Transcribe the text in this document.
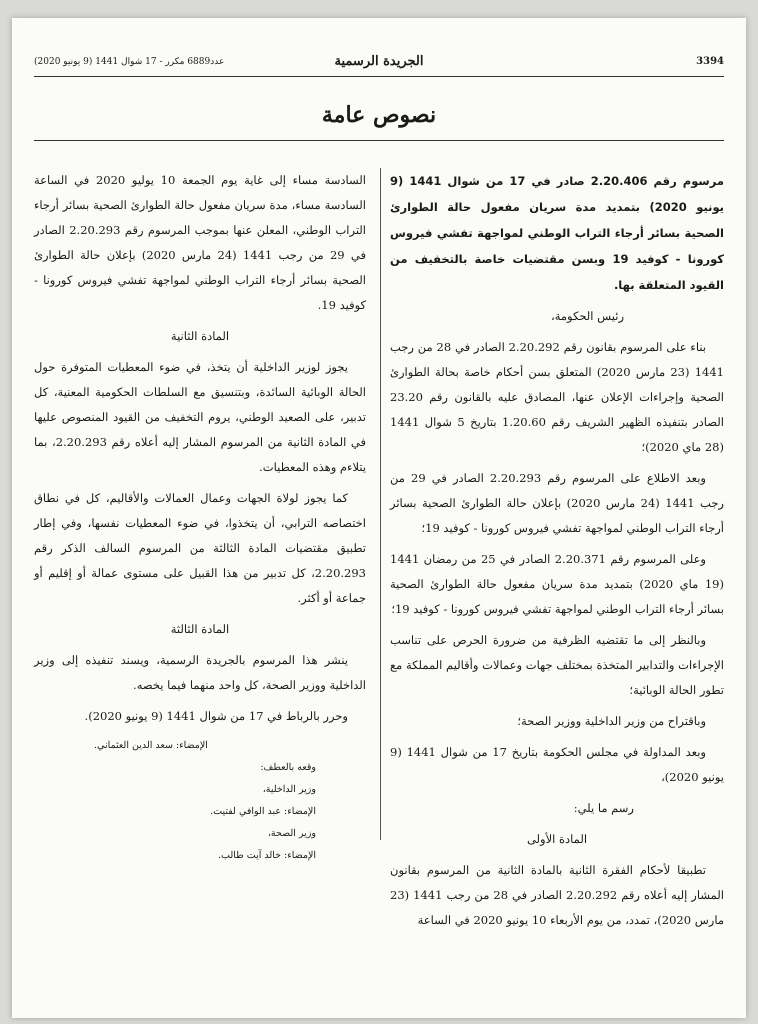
3394
الجريدة الرسمية
عدد6889 مكرر - 17 شوال 1441 (9 يونيو 2020)
نصوص عامة

مرسوم رقم 2.20.406 صادر في 17 من شوال 1441 (9 يونيو 2020) بتمديد مدة سريان مفعول حالة الطوارئ الصحية بسائر أرجاء التراب الوطني لمواجهة تفشي فيروس كورونا - كوفيد 19 وبسن مقتضيات خاصة بالتخفيف من القيود المتعلقة بها.

رئيس الحكومة،

بناء على المرسوم بقانون رقم 2.20.292 الصادر في 28 من رجب 1441 (23 مارس 2020) المتعلق بسن أحكام خاصة بحالة الطوارئ الصحية وإجراءات الإعلان عنها، المصادق عليه بالقانون رقم 23.20 الصادر بتنفيذه الظهير الشريف رقم 1.20.60 بتاريخ 5 شوال 1441 (28 ماي 2020)؛

وبعد الاطلاع على المرسوم رقم 2.20.293 الصادر في 29 من رجب 1441 (24 مارس 2020) بإعلان حالة الطوارئ الصحية بسائر أرجاء التراب الوطني لمواجهة تفشي فيروس كورونا - كوفيد 19؛

وعلى المرسوم رقم 2.20.371 الصادر في 25 من رمضان 1441 (19 ماي 2020) بتمديد مدة سريان مفعول حالة الطوارئ الصحية بسائر أرجاء التراب الوطني لمواجهة تفشي فيروس كورونا - كوفيد 19؛

وبالنظر إلى ما تقتضيه الظرفية من ضرورة الحرص على تناسب الإجراءات والتدابير المتخذة بمختلف جهات وعمالات وأقاليم المملكة مع تطور الحالة الوبائية؛

وباقتراح من وزير الداخلية ووزير الصحة؛

وبعد المداولة في مجلس الحكومة بتاريخ 17 من شوال 1441 (9 يونيو 2020)،

رسم ما يلي:

المادة الأولى

تطبيقا لأحكام الفقرة الثانية بالمادة الثانية من المرسوم بقانون المشار إليه أعلاه رقم 2.20.292 الصادر في 28 من رجب 1441 (23 مارس 2020)، تمدد، من يوم الأربعاء 10 يونيو 2020 في الساعة

السادسة مساء إلى غاية يوم الجمعة 10 يوليو 2020 في الساعة السادسة مساء، مدة سريان مفعول حالة الطوارئ الصحية بسائر أرجاء التراب الوطني، المعلن عنها بموجب المرسوم رقم 2.20.293 الصادر في 29 من رجب 1441 (24 مارس 2020) بإعلان حالة الطوارئ الصحية بسائر أرجاء التراب الوطني لمواجهة تفشي فيروس كورونا - كوفيد 19.

المادة الثانية

يجوز لوزير الداخلية أن يتخذ، في ضوء المعطيات المتوفرة حول الحالة الوبائية السائدة، وبتنسيق مع السلطات الحكومية المعنية، كل تدبير، على الصعيد الوطني، يروم التخفيف من القيود المنصوص عليها في المادة الثانية من المرسوم المشار إليه أعلاه رقم 2.20.293، بما يتلاءم وهذه المعطيات.

كما يجوز لولاة الجهات وعمال العمالات والأقاليم، كل في نطاق اختصاصه الترابي، أن يتخذوا، في ضوء المعطيات نفسها، وفي إطار تطبيق مقتضيات المادة الثالثة من المرسوم السالف الذكر رقم 2.20.293، كل تدبير من هذا القبيل على مستوى عمالة أو إقليم أو جماعة أو أكثر.

المادة الثالثة

ينشر هذا المرسوم بالجريدة الرسمية، ويسند تنفيذه إلى وزير الداخلية ووزير الصحة، كل واحد منهما فيما يخصه.

وحرر بالرباط في 17 من شوال 1441 (9 يونيو 2020).

الإمضاء: سعد الدين العثماني.
وقعه بالعطف:
وزير الداخلية،
الإمضاء: عبد الوافي لفتيت.
وزير الصحة،
الإمضاء: خالد آيت طالب.
